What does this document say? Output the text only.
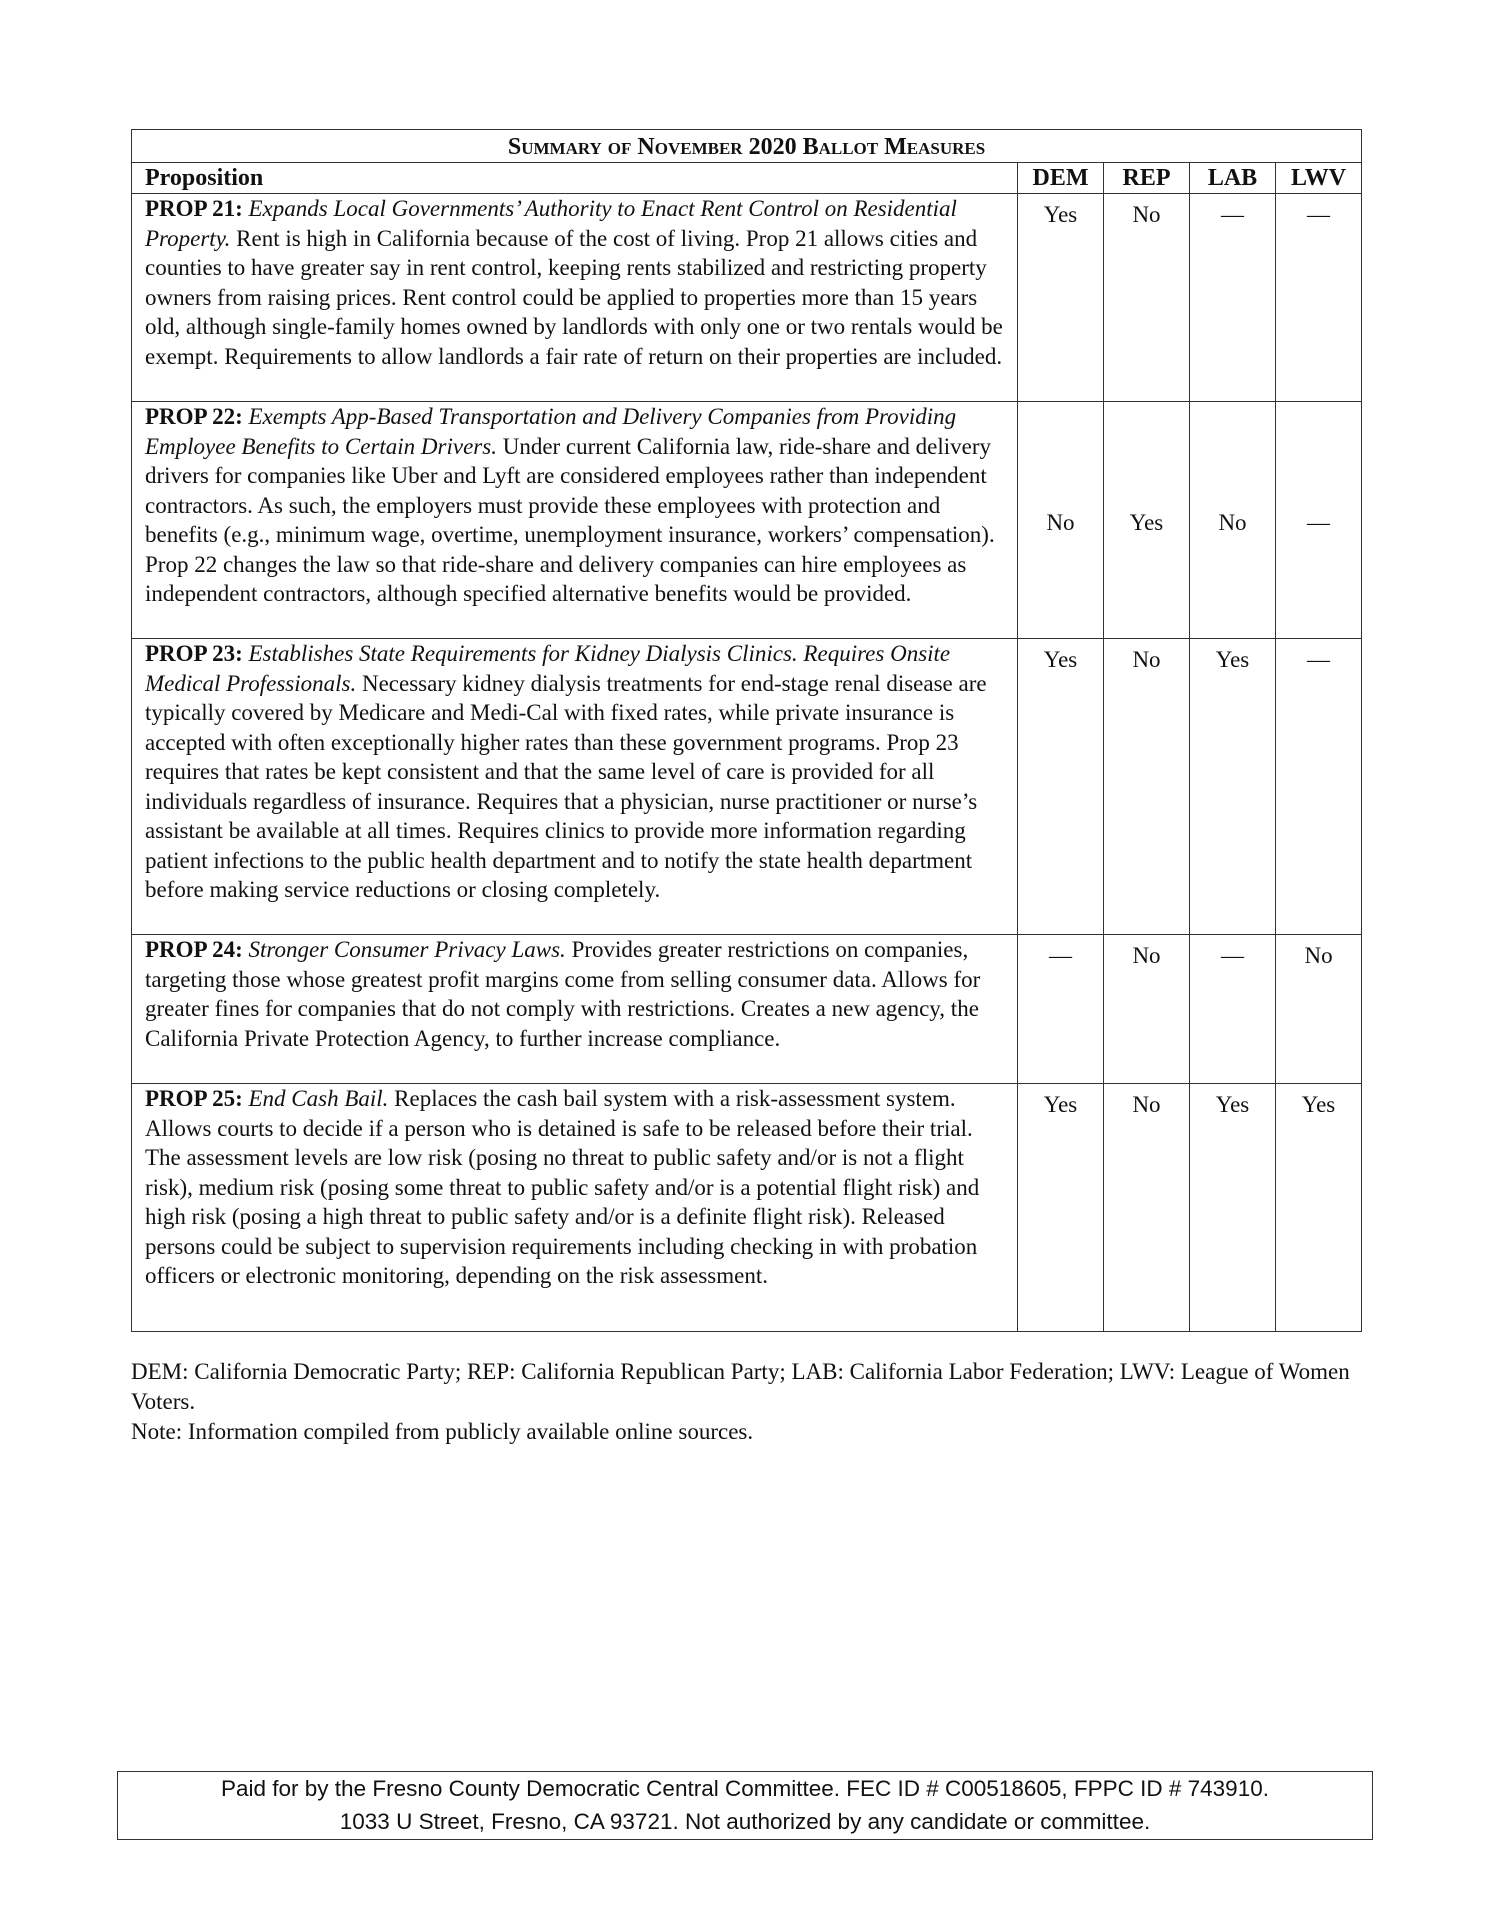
Summary of November 2020 Ballot Measures				
Proposition	DEM	REP	LAB	LWV
PROP 21: Expands Local Governments’ Authority to Enact Rent Control on Residential Property. Rent is high in California because of the cost of living. Prop 21 allows cities and counties to have greater say in rent control, keeping rents stabilized and restricting property owners from raising prices. Rent control could be applied to properties more than 15 years old, although single-family homes owned by landlords with only one or two rentals would be exempt. Requirements to allow landlords a fair rate of return on their properties are included.	Yes	No	—	—
PROP 22: Exempts App-Based Transportation and Delivery Companies from Providing Employee Benefits to Certain Drivers. Under current California law, ride-share and delivery drivers for companies like Uber and Lyft are considered employees rather than independent contractors. As such, the employers must provide these employees with protection and benefits (e.g., minimum wage, overtime, unemployment insurance, workers’ compensation). Prop 22 changes the law so that ride-share and delivery companies can hire employees as independent contractors, although specified alternative benefits would be provided.	No	Yes	No	—
PROP 23: Establishes State Requirements for Kidney Dialysis Clinics. Requires Onsite Medical Professionals. Necessary kidney dialysis treatments for end-stage renal disease are typically covered by Medicare and Medi-Cal with fixed rates, while private insurance is accepted with often exceptionally higher rates than these government programs. Prop 23 requires that rates be kept consistent and that the same level of care is provided for all individuals regardless of insurance. Requires that a physician, nurse practitioner or nurse’s assistant be available at all times. Requires clinics to provide more information regarding patient infections to the public health department and to notify the state health department before making service reductions or closing completely.	Yes	No	Yes	—
PROP 24: Stronger Consumer Privacy Laws. Provides greater restrictions on companies, targeting those whose greatest profit margins come from selling consumer data. Allows for greater fines for companies that do not comply with restrictions. Creates a new agency, the California Private Protection Agency, to further increase compliance.	—	No	—	No
PROP 25: End Cash Bail. Replaces the cash bail system with a risk-assessment system. Allows courts to decide if a person who is detained is safe to be released before their trial. The assessment levels are low risk (posing no threat to public safety and/or is not a flight risk), medium risk (posing some threat to public safety and/or is a potential flight risk) and high risk (posing a high threat to public safety and/or is a definite flight risk). Released persons could be subject to supervision requirements including checking in with probation officers or electronic monitoring, depending on the risk assessment.	Yes	No	Yes	Yes

DEM: California Democratic Party; REP: California Republican Party; LAB: California Labor Federation; LWV: League of Women Voters.

Note: Information compiled from publicly available online sources.

Paid for by the Fresno County Democratic Central Committee. FEC ID # C00518605, FPPC ID # 743910.
1033 U Street, Fresno, CA 93721. Not authorized by any candidate or committee.
